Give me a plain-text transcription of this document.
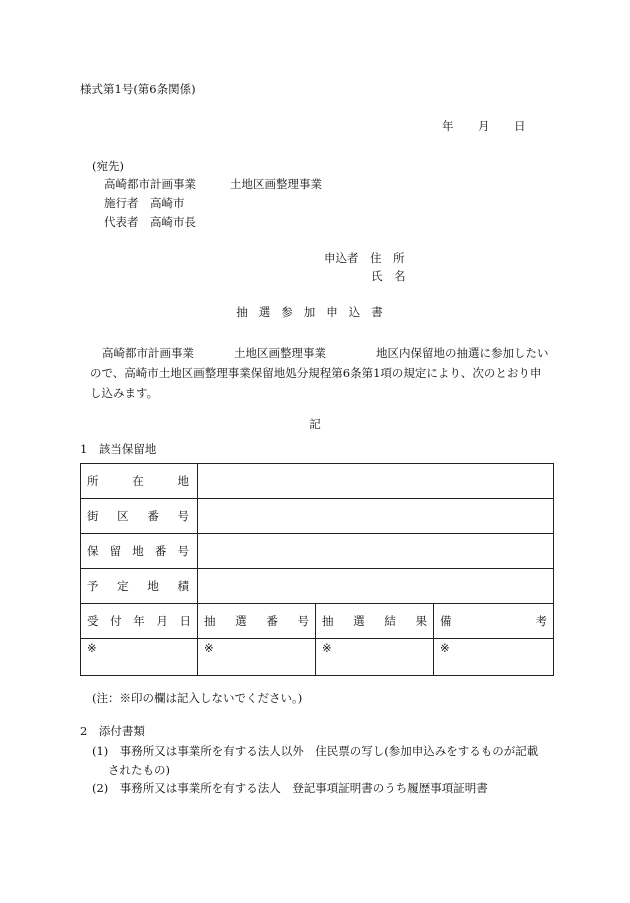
様式第1号(第6条関係)
年 月 日
(宛先)
高崎都市計画事業	土地区画整理事業
施行者　高崎市
代表者　高崎市長
申込者　住　所
氏　名
抽選参加申込書
高崎都市計画事業	土地区画整理事業	地区内保留地の抽選に参加したいので、高崎市土地区画整理事業保留地処分規程第6条第1項の規定により、次のとおり申し込みます。
記
1　該当保留地
所在地			

街区番号			

保留地番号			

予定地積			

受付年月日	抽選番号	抽選結果	備考

※	※	※	※
(注：※印の欄は記入しないでください。)
2　添付書類
(1)　事務所又は事業所を有する法人以外　住民票の写し(参加申込みをするものが記載
されたもの)
(2)　事務所又は事業所を有する法人　登記事項証明書のうち履歴事項証明書
